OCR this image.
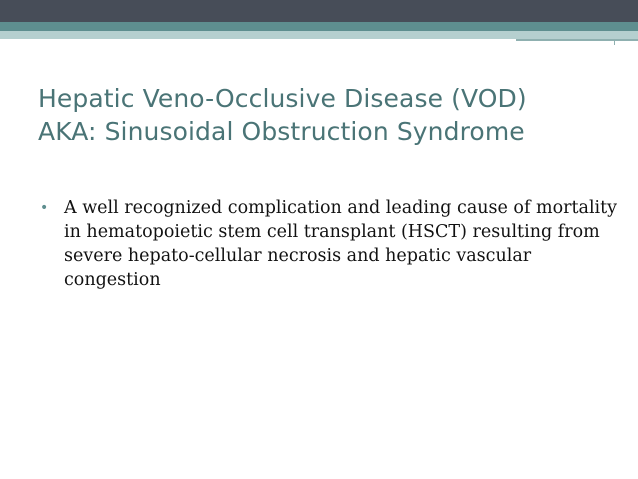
Hepatic Veno-Occlusive Disease (VOD)
AKA: Sinusoidal Obstruction Syndrome
• A well recognized complication and leading cause of mortality in hematopoietic stem cell transplant (HSCT) resulting from severe hepato-cellular necrosis and hepatic vascular congestion
